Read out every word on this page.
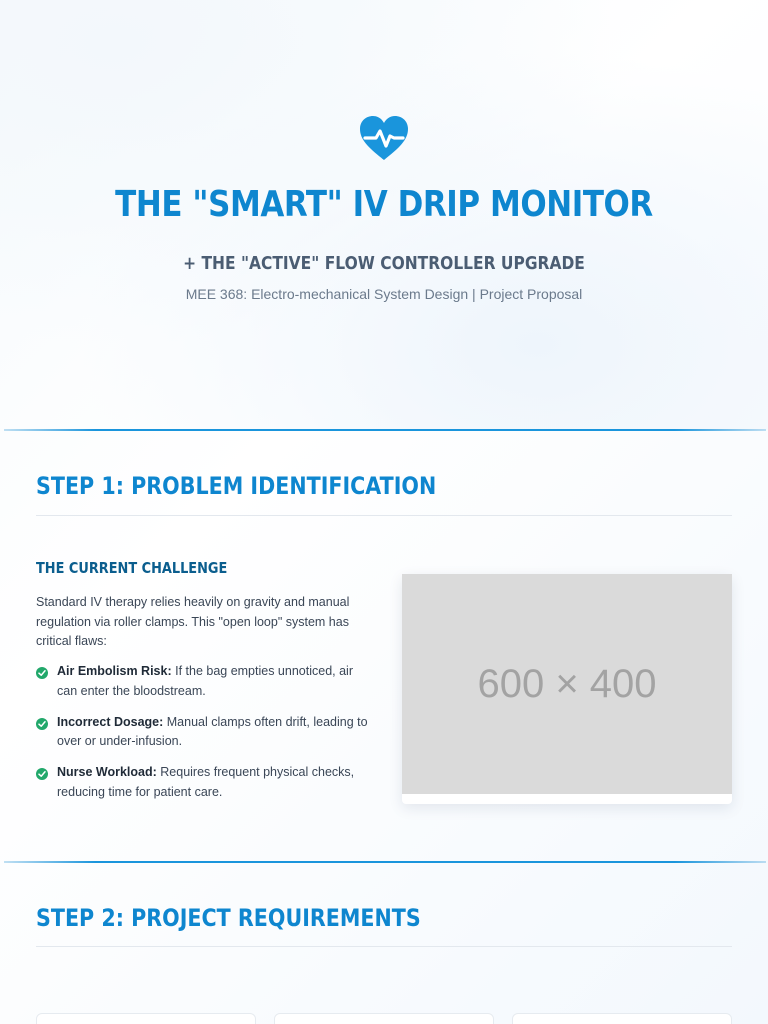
THE "SMART" IV DRIP MONITOR
+ THE "ACTIVE" FLOW CONTROLLER UPGRADE
MEE 368: Electro-mechanical System Design | Project Proposal
STEP 1: PROBLEM IDENTIFICATION
THE CURRENT CHALLENGE

Standard IV therapy relies heavily on gravity and manual regulation via roller clamps. This "open loop" system has critical flaws:

Air Embolism Risk: If the bag empties unnoticed, air can enter the bloodstream.
Incorrect Dosage: Manual clamps often drift, leading to over or under-infusion.
Nurse Workload: Requires frequent physical checks, reducing time for patient care.
600 × 400
STEP 2: PROJECT REQUIREMENTS
